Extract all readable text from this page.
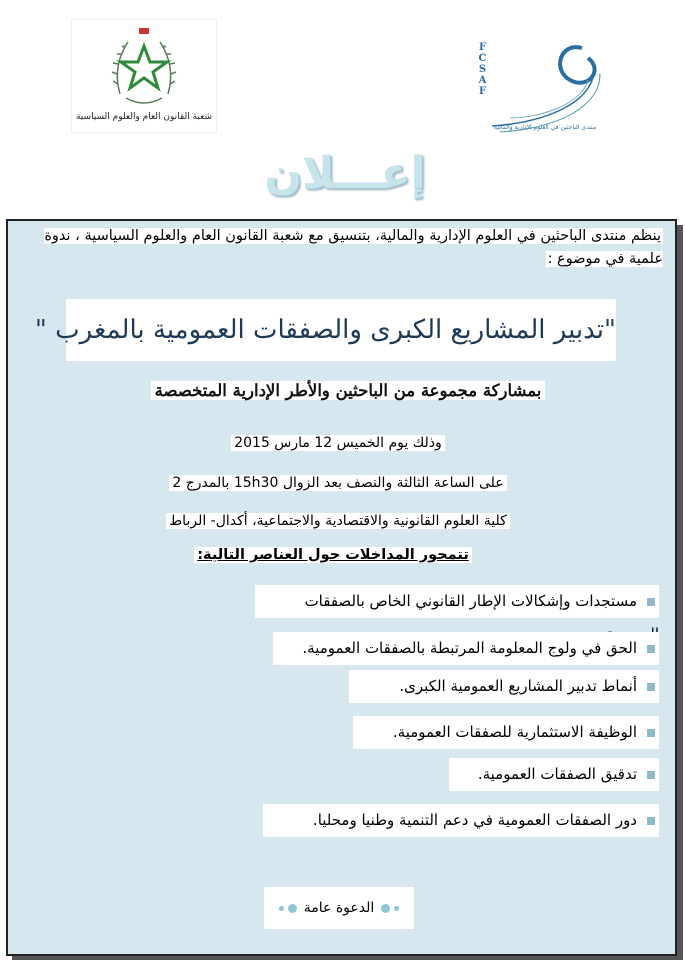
شعبة القانون العام والعلوم السياسية
FCSAF
منتدى الباحثين في العلوم الإدارية والمالية
إعـــلان
ينظم منتدى الباحثين في العلوم الإدارية والمالية، بتنسيق مع شعبة القانون العام والعلوم السياسية ، ندوة علمية في موضوع :
"تدبير المشاريع الكبرى والصفقات العمومية بالمغرب "
بمشاركة مجموعة من الباحثين والأطر الإدارية المتخصصة
وذلك يوم الخميس 12 مارس 2015
على الساعة الثالثة والنصف بعد الزوال 15h30 بالمدرج 2
كلية العلوم القانونية والاقتصادية والاجتماعية، أكدال- الرباط
تتمحور المداخلات حول العناصر التالية:
مستجدات وإشكالات الإطار القانوني الخاص بالصفقات
الحق في ولوج المعلومة المرتبطة بالصفقات العمومية.
أنماط تدبير المشاريع العمومية الكبرى.
الوظيفة الاستثمارية للصفقات العمومية.
تدقيق الصفقات العمومية.
دور الصفقات العمومية في دعم التنمية وطنيا ومحليا.
الدعوة عامة
